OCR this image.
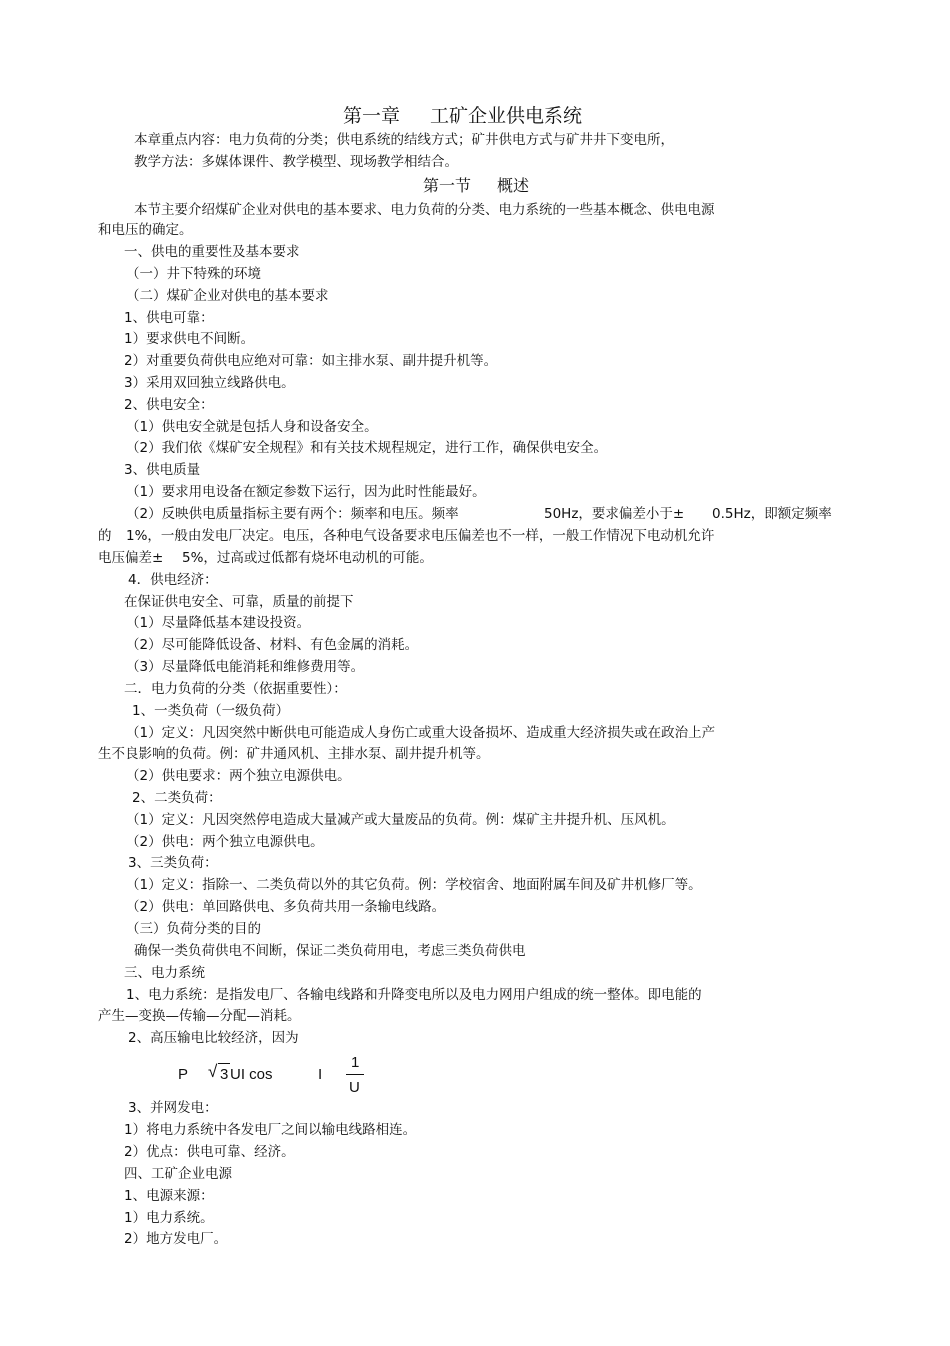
第一章 工矿企业供电系统
本章重点内容：电力负荷的分类；供电系统的结线方式；矿井供电方式与矿井井下变电所，
教学方法：多媒体课件、教学模型、现场教学相结合。
第一节 概述
本节主要介绍煤矿企业对供电的基本要求、电力负荷的分类、电力系统的一些基本概念、供电电源
和电压的确定。
一、供电的重要性及基本要求
（一）井下特殊的环境
（二）煤矿企业对供电的基本要求
1、供电可靠：
1）要求供电不间断。
2）对重要负荷供电应绝对可靠：如主排水泵、副井提升机等。
3）采用双回独立线路供电。
2、供电安全：
（1）供电安全就是包括人身和设备安全。
（2）我们依《煤矿安全规程》和有关技术规程规定，进行工作，确保供电安全。
3、供电质量
（1）要求用电设备在额定参数下运行，因为此时性能最好。
（2）反映供电质量指标主要有两个：频率和电压。频率	50Hz，要求偏差小于± 0.5Hz，即额定频率
的 1%，一般由发电厂决定。电压，各种电气设备要求电压偏差也不一样，一般工作情况下电动机允许
电压偏差± 5%，过高或过低都有烧坏电动机的可能。
4．供电经济：
在保证供电安全、可靠，质量的前提下
（1）尽量降低基本建设投资。
（2）尽可能降低设备、材料、有色金属的消耗。
（3）尽量降低电能消耗和维修费用等。
二．电力负荷的分类（依据重要性）：
1、一类负荷（一级负荷）
（1）定义：凡因突然中断供电可能造成人身伤亡或重大设备损坏、造成重大经济损失或在政治上产
生不良影响的负荷。例：矿井通风机、主排水泵、副井提升机等。
（2）供电要求：两个独立电源供电。
2、二类负荷：
（1）定义：凡因突然停电造成大量减产或大量废品的负荷。例：煤矿主井提升机、压风机。
（2）供电：两个独立电源供电。
3、三类负荷：
（1）定义：指除一、二类负荷以外的其它负荷。例：学校宿舍、地面附属车间及矿井机修厂等。
（2）供电：单回路供电、多负荷共用一条输电线路。
（三）负荷分类的目的
确保一类负荷供电不间断，保证二类负荷用电，考虑三类负荷供电
三、电力系统
1、电力系统：是指发电厂、各输电线路和升降变电所以及电力网用户组成的统一整体。即电能的
产生—变换—传输—分配—消耗。
2、高压输电比较经济，因为
P √ 3 UI cos	I
1
U
3、并网发电：
1）将电力系统中各发电厂之间以输电线路相连。
2）优点：供电可靠、经济。
四、工矿企业电源
1、电源来源：
1）电力系统。
2）地方发电厂。
